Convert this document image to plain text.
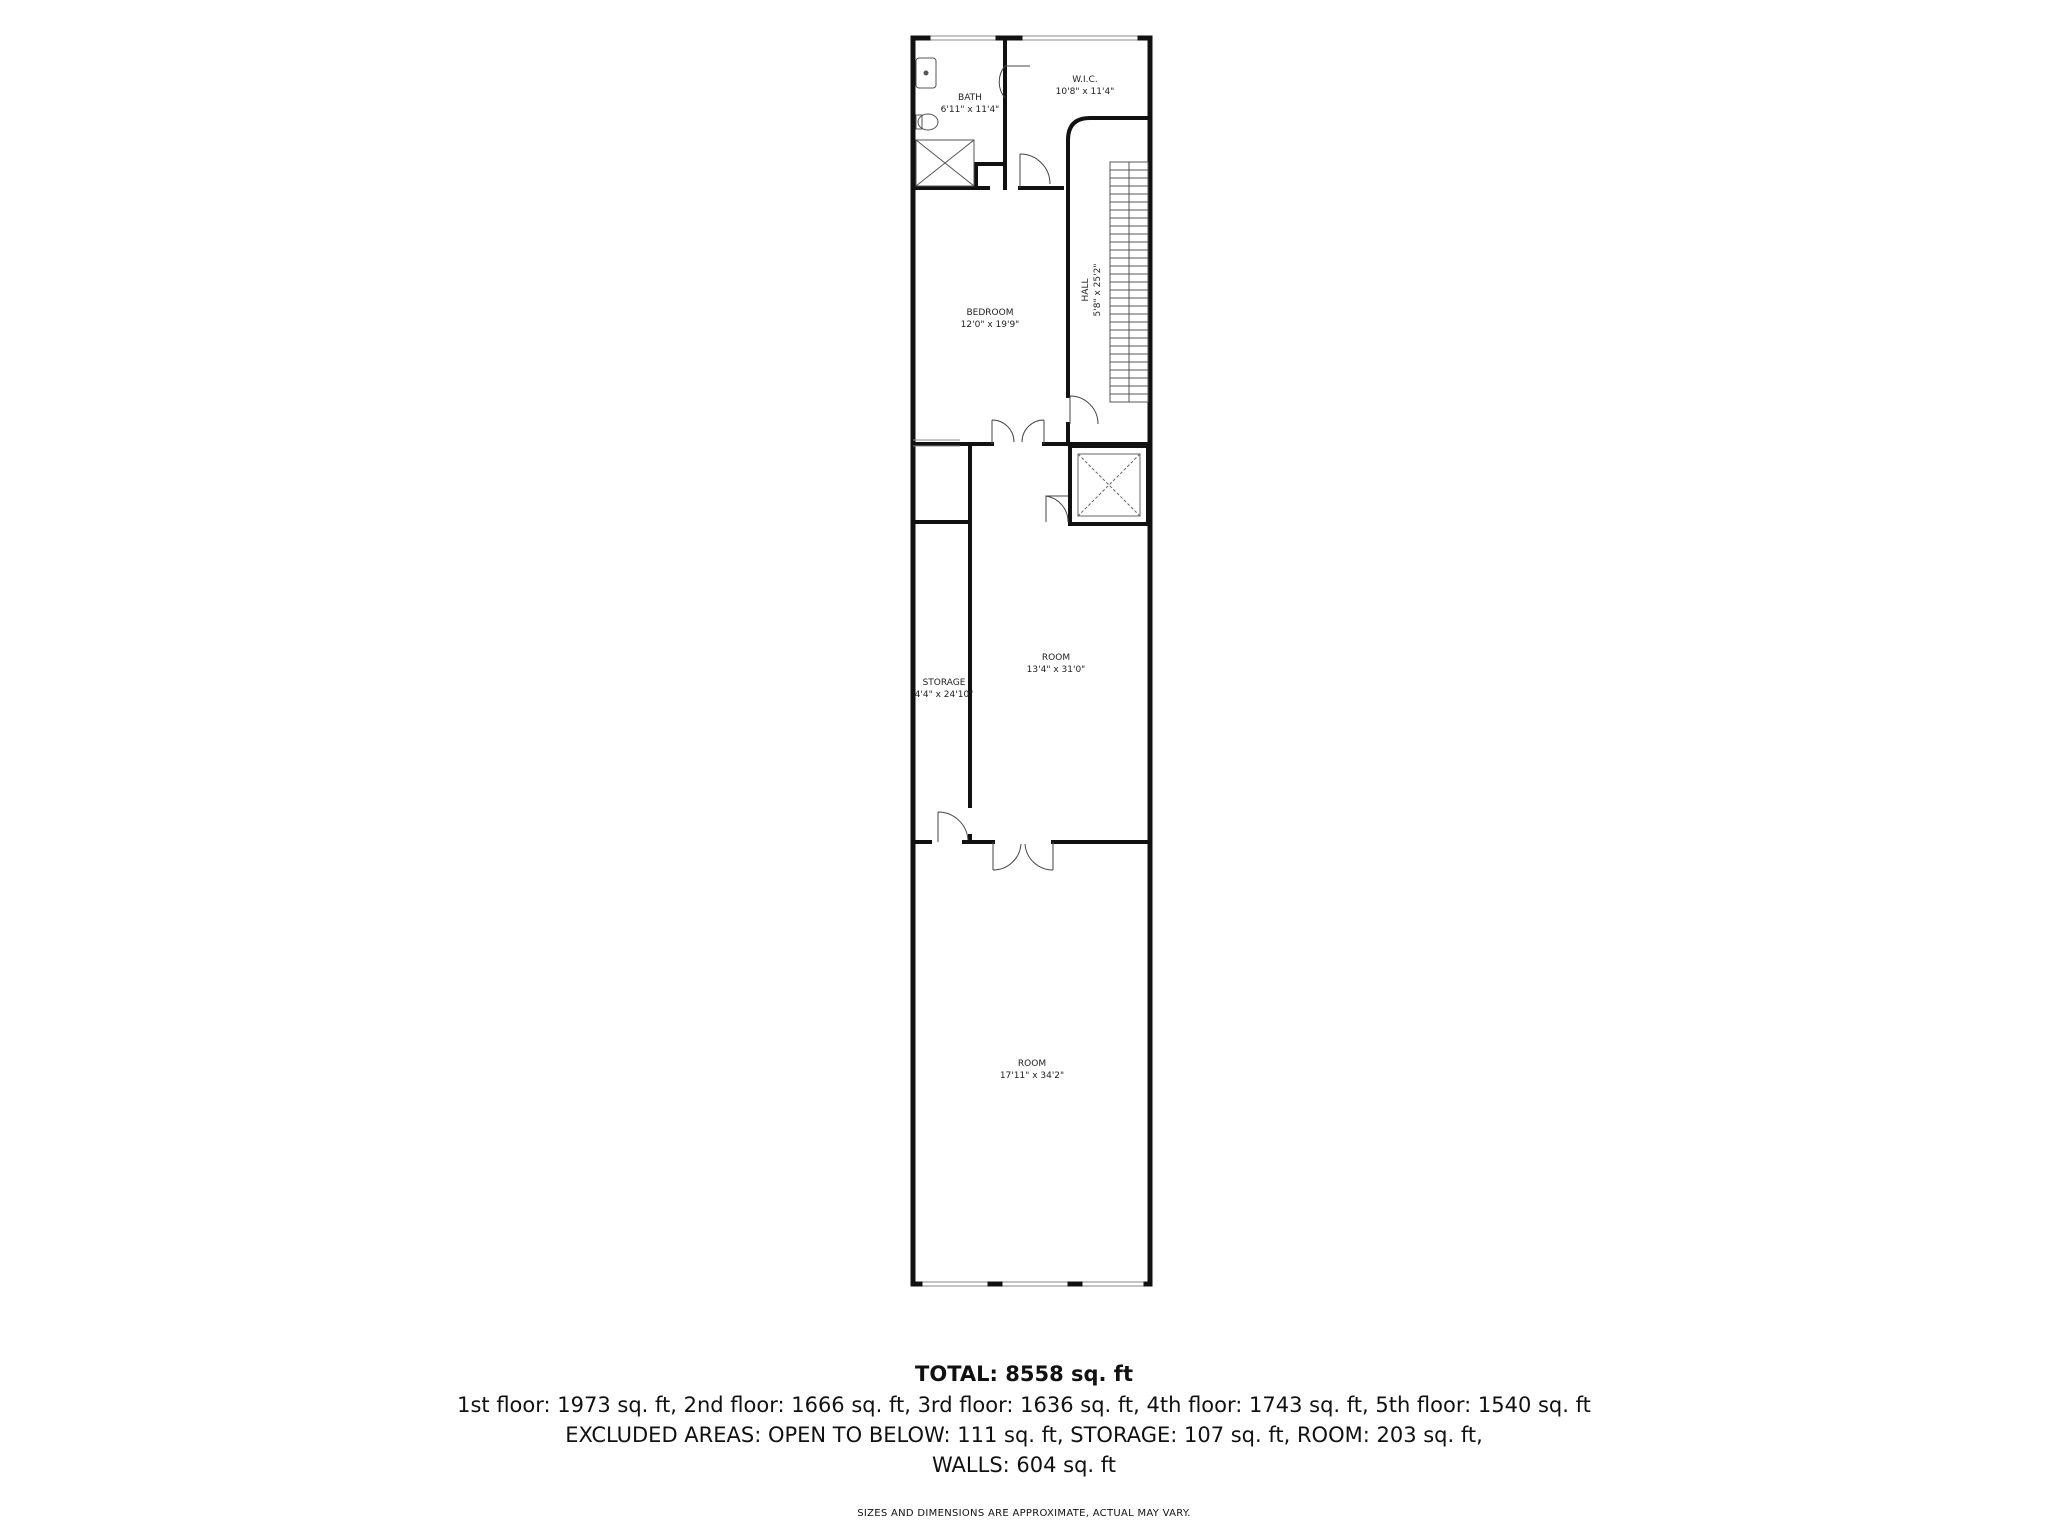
BATH
6'11" x 11'4"
W.I.C.
10'8" x 11'4"
HALL 5'8" x 25'2"
BEDROOM
12'0" x 19'9"
ROOM
13'4" x 31'0"
STORAGE
4'4" x 24'10"
ROOM
17'11" x 34'2"
TOTAL: 8558 sq. ft
1st floor: 1973 sq. ft, 2nd floor: 1666 sq. ft, 3rd floor: 1636 sq. ft, 4th floor: 1743 sq. ft, 5th floor: 1540 sq. ft
EXCLUDED AREAS: OPEN TO BELOW: 111 sq. ft, STORAGE: 107 sq. ft, ROOM: 203 sq. ft,
WALLS: 604 sq. ft
SIZES AND DIMENSIONS ARE APPROXIMATE, ACTUAL MAY VARY.
